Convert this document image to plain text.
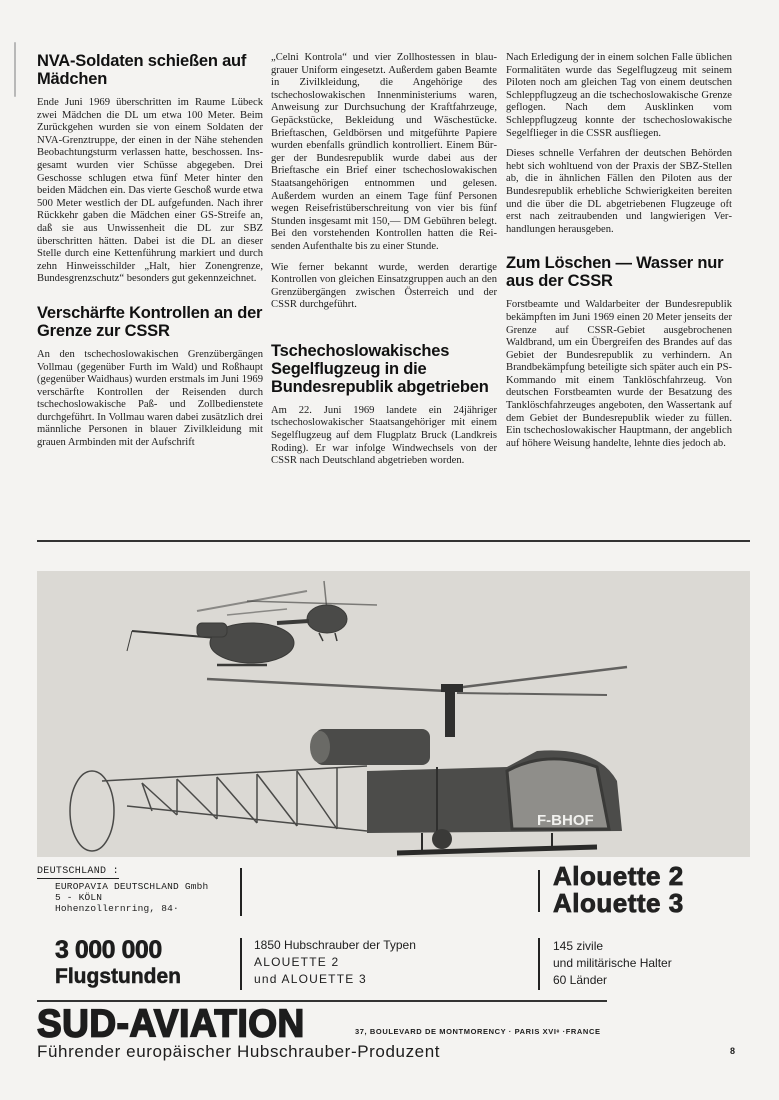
NVA-Soldaten schießen auf Mädchen

Ende Juni 1969 überschritten im Raume Lübeck zwei Mädchen die DL um etwa 100 Meter. Beim Zurückgehen wurden sie von einem Soldaten der NVA-Grenztruppe, der einen in der Nähe stehenden Beobachtungsturm verlassen hatte, beschossen. Insgesamt wurden vier Schüsse abgegeben. Drei Geschosse schlugen etwa fünf Meter hinter den beiden Mädchen ein. Das vierte Geschoß wurde etwa 500 Meter westlich der DL aufgefunden. Nach ihrer Rückkehr gaben die Mädchen einer GS-Streife an, daß sie aus Unwissenheit die DL zur SBZ überschritten hätten. Dabei ist die DL an dieser Stelle durch eine Kettenführung markiert und durch zehn Hinweisschilder „Halt, hier Zonengrenze, Bundesgrenzschutz“ besonders gut gekennzeichnet.

Verschärfte Kontrollen an der Grenze zur CSSR

An den tschechoslowakischen Grenzübergängen Vollmau (gegenüber Furth im Wald) und Roßhaupt (gegenüber Waidhaus) wurden erstmals im Juni 1969 verschärfte Kontrollen der Reisenden durch tschechoslowakische Paß- und Zollbedienstete durchgeführt. In Vollmau waren dabei zusätzlich drei männliche Personen in blauer Zivilkleidung mit grauen Armbinden mit der Aufschrift

„Celni Kontrola“ und vier Zollhostessen in blau-grauer Uniform eingesetzt. Außerdem gaben Beamte in Zivilkleidung, die Angehörige des tschechoslowakischen Innenministeriums waren, Anweisung zur Durchsuchung der Kraftfahrzeuge, Gepäckstücke, Bekleidung und Wäschestücke. Brieftaschen, Geldbörsen und mitgeführte Papiere wurden ebenfalls gründlich kontrolliert. Einem Bürger der Bundesrepublik wurde dabei aus der Brieftasche ein Brief einer tschechoslowakischen Staatsangehörigen entnommen und gelesen. Außerdem wurden an einem Tage fünf Personen wegen Reisefristüberschreitung von vier bis fünf Stunden insgesamt mit 150,— DM Gebühren belegt. Bei den vorstehenden Kontrollen hatten die Reisenden Aufenthalte bis zu einer Stunde.

Wie ferner bekannt wurde, werden derartige Kontrollen von gleichen Einsatzgruppen auch an den Grenzübergängen zwischen Österreich und der CSSR durchgeführt.

Tschechoslowakisches Segelflugzeug in die Bundesrepublik abgetrieben

Am 22. Juni 1969 landete ein 24jähriger tschechoslowakischer Staatsangehöriger mit einem Segelflugzeug auf dem Flugplatz Bruck (Landkreis Roding). Er war infolge Windwechsels von der CSSR nach Deutschland abgetrieben worden.

Nach Erledigung der in einem solchen Falle üblichen Formalitäten wurde das Segelflugzeug mit seinem Piloten noch am gleichen Tag von einem deutschen Schleppflugzeug an die tschechoslowakische Grenze geflogen. Nach dem Ausklinken vom Schleppflugzeug konnte der tschechoslowakische Segelflieger in die CSSR ausfliegen.

Dieses schnelle Verfahren der deutschen Behörden hebt sich wohltuend von der Praxis der SBZ-Stellen ab, die in ähnlichen Fällen den Piloten aus der Bundesrepublik erhebliche Schwierigkeiten bereiten und die über die DL abgetriebenen Flugzeuge oft erst nach zeitraubenden und langwierigen Verhandlungen herausgeben.

Zum Löschen — Wasser nur aus der CSSR

Forstbeamte und Waldarbeiter der Bundesrepublik bekämpften im Juni 1969 einen 20 Meter jenseits der Grenze auf CSSR-Gebiet ausgebrochenen Waldbrand, um ein Übergreifen des Brandes auf das Gebiet der Bundesrepublik zu verhindern. An Brandbekämpfung beteiligte sich später auch ein PS-Kommando mit einem Tanklöschfahrzeug. Von deutschen Forstbeamten wurde der Besatzung des Tanklöschfahrzeuges angeboten, den Wassertank auf dem Gebiet der Bundesrepublik wieder zu füllen. Ein tschechoslowakischer Hauptmann, der angeblich auf höhere Weisung handelte, lehnte dies jedoch ab.

F-BHOF
DEUTSCHLAND :
EUROPAVIA DEUTSCHLAND Gmbh
5 - KÖLN
Hohenzollernring, 84·
Alouette 2
Alouette 3
3 000 000
Flugstunden
1850 Hubschrauber der Typen
ALOUETTE 2
und ALOUETTE 3
145 zivile
und militärische Halter
60 Länder
SUD-AVIATION	37, BOULEVARD DE MONTMORENCY · PARIS XVIᵉ ·FRANCE
Führender europäischer Hubschrauber-Produzent	8
